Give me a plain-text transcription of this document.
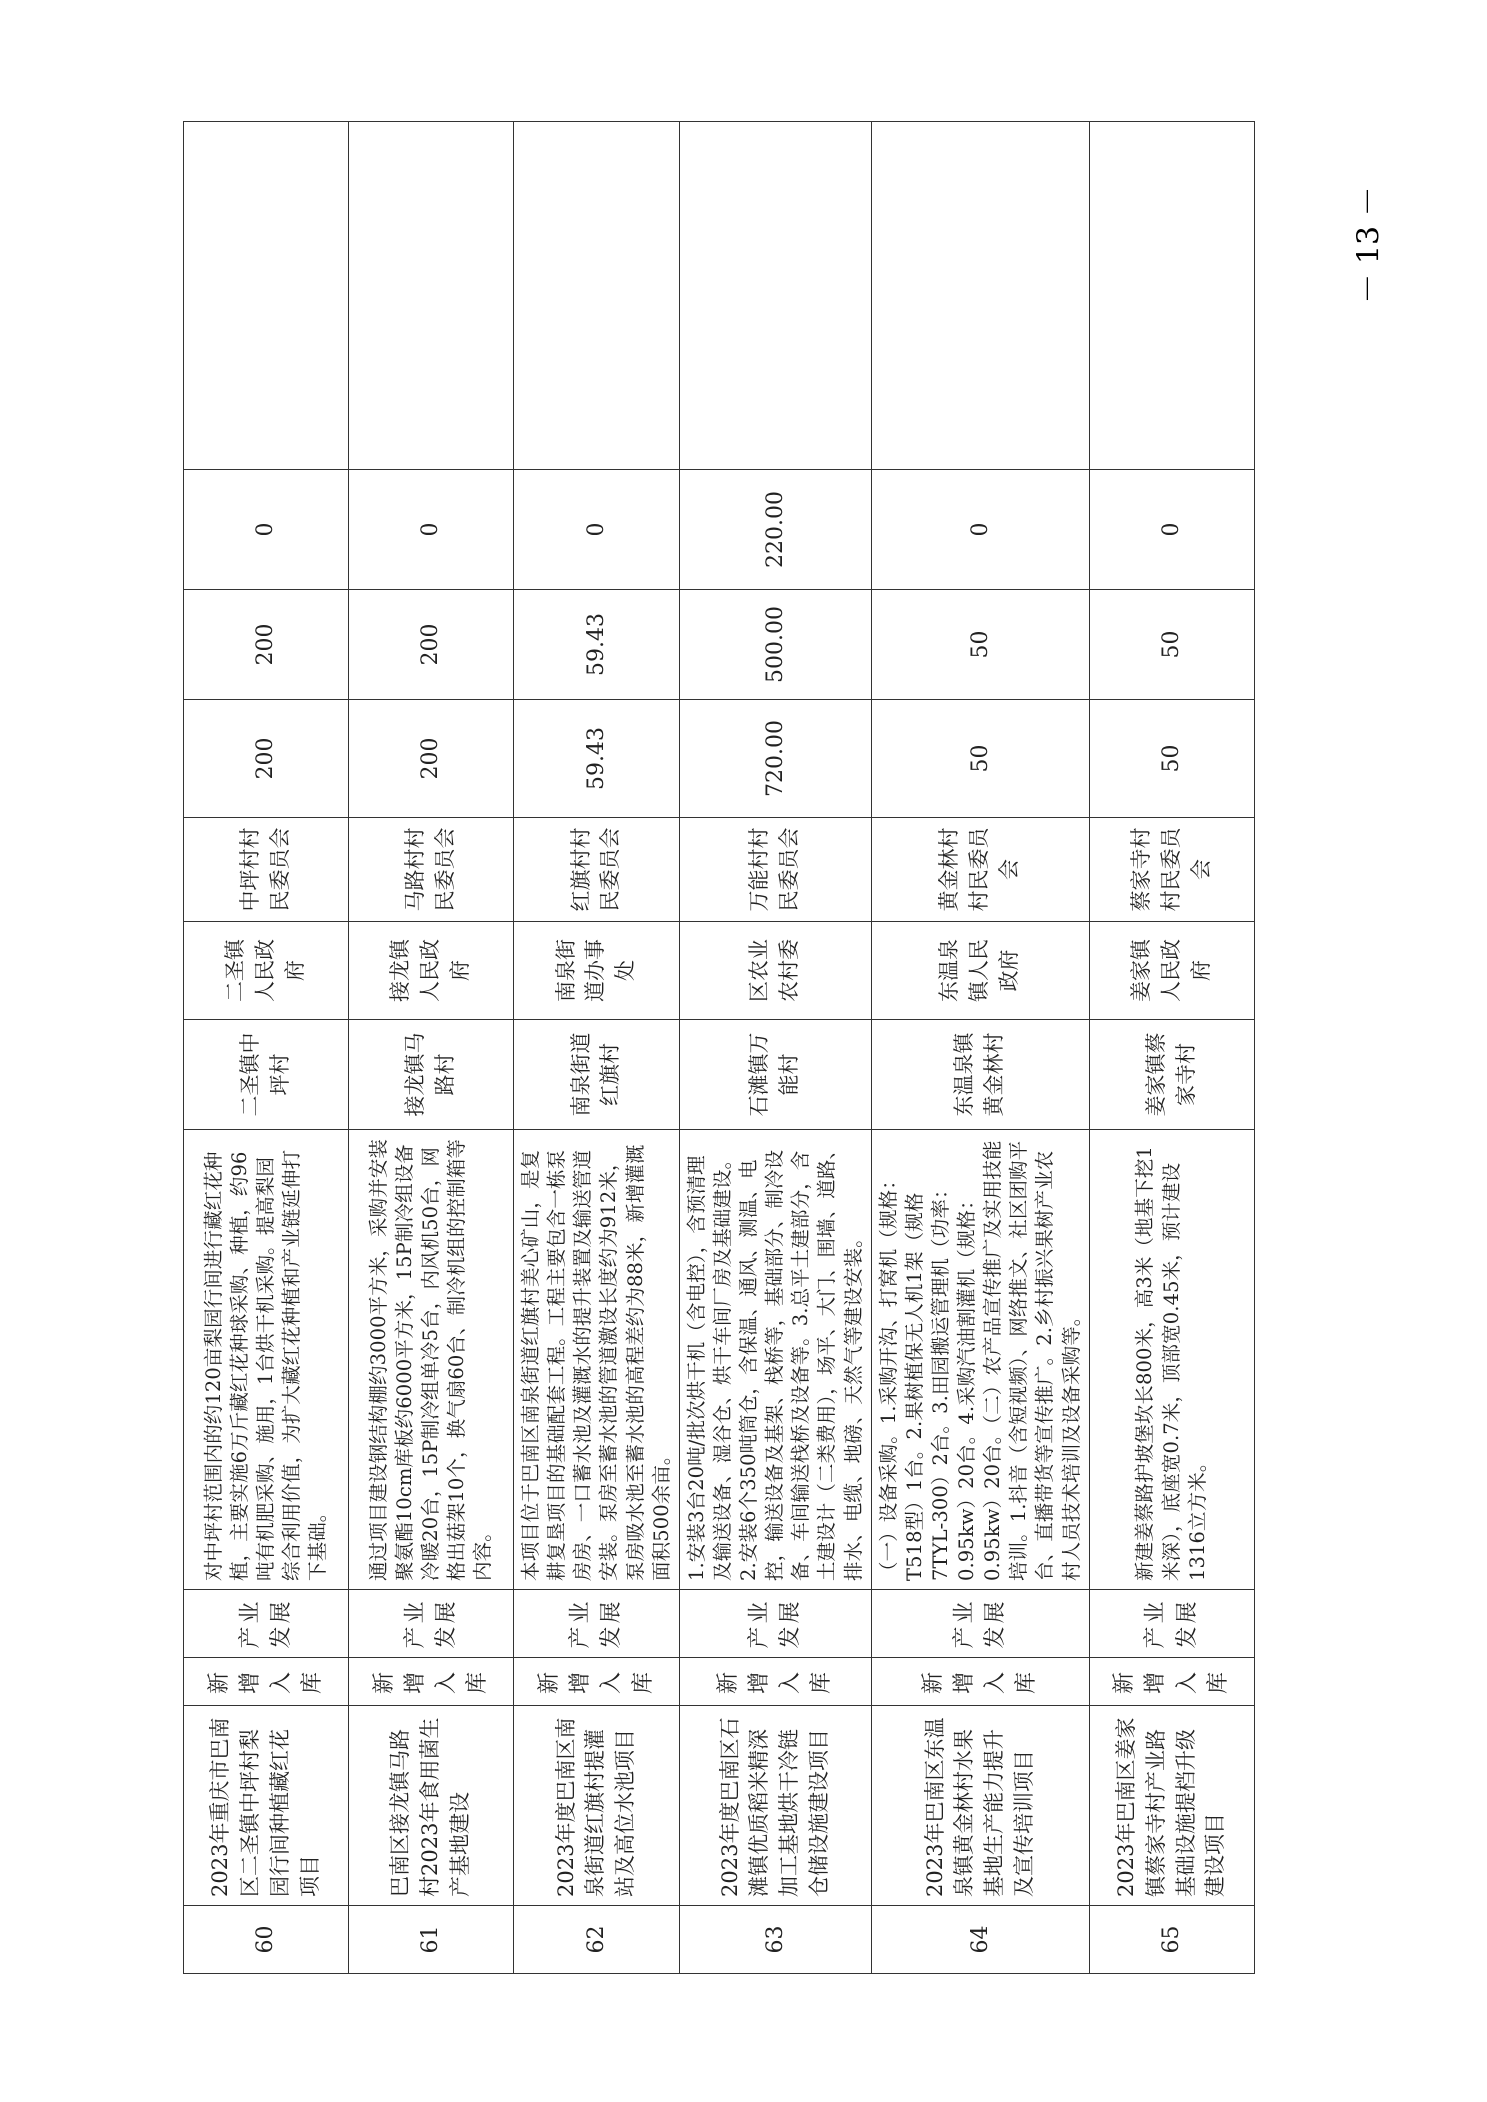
60	2023年重庆市巴南区二圣镇中坪村梨园行间种植藏红花项目	新增入库	产业发展	对中坪村范围内的约120亩梨园行间进行藏红花种植，主要实施6万斤藏红花种球采购、种植，约96吨有机肥采购、施用，1台烘干机采购。提高梨园综合利用价值，为扩大藏红花种植和产业链延伸打下基础。	二圣镇中坪村	二圣镇人民政府	中坪村村民委员会	200	200	0	
61	巴南区接龙镇马路村2023年食用菌生产基地建设	新增入库	产业发展	通过项目建设钢结构棚约3000平方米，采购并安装聚氨酯10cm库板约6000平方米，15P制冷组设备冷暖20台，15P制冷组单冷5台，内风机50台，网格出菇架10个，换气扇60台、制冷机组的控制箱等内容。	接龙镇马路村	接龙镇人民政府	马路村村民委员会	200	200	0	
62	2023年度巴南区南泉街道红旗村提灌站及高位水池项目	新增入库	产业发展	本项目位于巴南区南泉街道红旗村美心矿山，是复耕复垦项目的基础配套工程。工程主要包含一栋泵房房、一口蓄水池及灌溉水的提升装置及输送管道安装。泵房至蓄水池的管道激设长度约为912米，泵房吸水池至蓄水池的高程差约为88米，新增灌溉面积500余亩。	南泉街道红旗村	南泉街道办事处	红旗村村民委员会	59.43	59.43	0	
63	2023年度巴南区石滩镇优质稻米精深加工基地烘干冷链仓储设施建设项目	新增入库	产业发展	1.安装3台20吨/批次烘干机（含电控），含预清理及输送设备、湿谷仓、烘干车间厂房及基础建设。2.安装6个350吨筒仓，含保温、通风、测温、电控，输送设备及基架、栈桥等，基础部分、制冷设备、车间输送栈桥及设备等。3.总平土建部分，含土建设计（二类费用），场平、大门、围墙、道路、排水、电缆、地磅、天然气等建设安装。	石滩镇万能村	区农业农村委	万能村村民委员会	720.00	500.00	220.00	
64	2023年巴南区东温泉镇黄金林村水果基地生产能力提升及宣传培训项目	新增入库	产业发展	（一）设备采购。1.采购开沟、打窝机（规格：T518型）1台。2.果树植保无人机1架（规格7TYL-300）2台。3.田园搬运管理机（功率：0.95kw）20台。4.采购汽油割灌机（规格：0.95kw）20台。（二）农产品宣传推广及实用技能培训。1.抖音（含短视频）、网络推文、社区团购平台、直播带货等宣传推广。2.乡村振兴果树产业农村人员技术培训及设备采购等。	东温泉镇黄金林村	东温泉镇人民政府	黄金林村村民委员会	50	50	0	
65	2023年巴南区姜家镇蔡家寺村产业路基础设施提档升级建设项目	新增入库	产业发展	新建姜蔡路护坡堡坎长800米，高3米（地基下挖1米深），底座宽0.7米，顶部宽0.45米，预计建设1316立方米。	姜家镇蔡家寺村	姜家镇人民政府	蔡家寺村村民委员会	50	50	0	
－ 13 －
